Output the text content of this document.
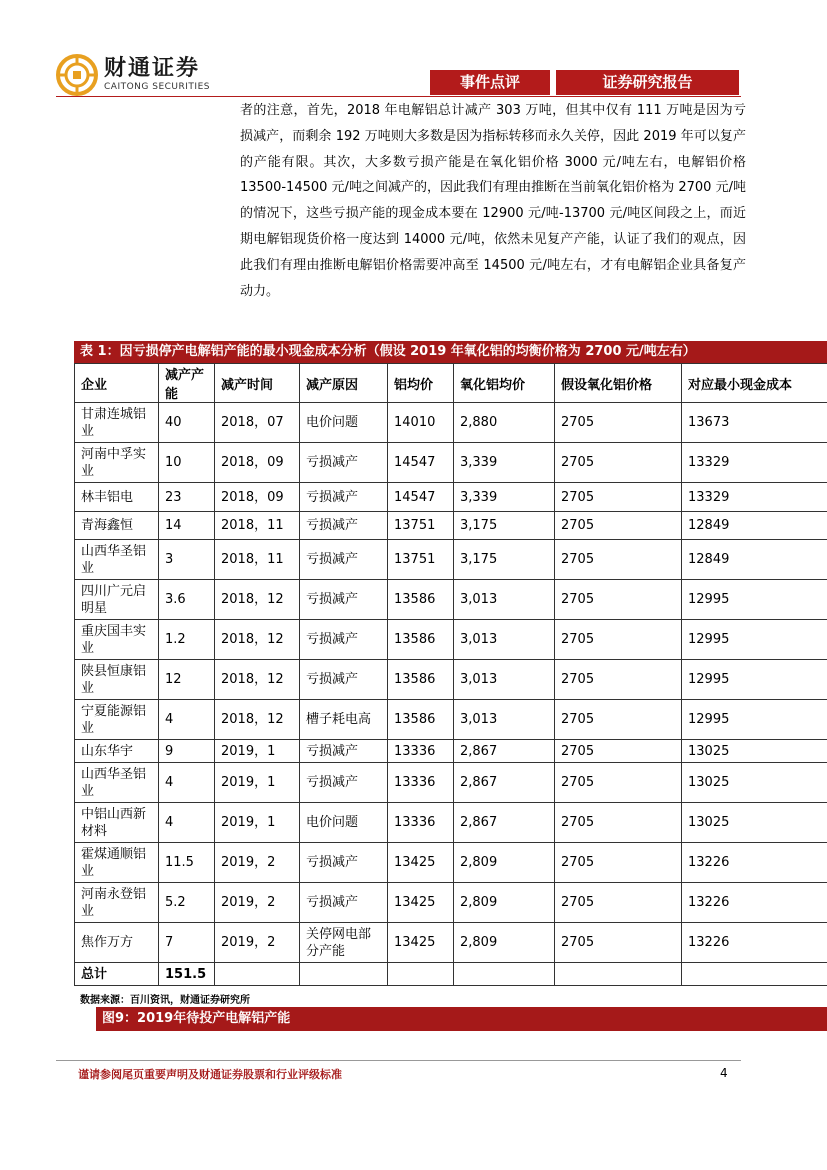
财通证券
CAITONG SECURITIES	事件点评	证券研究报告
者的注意，首先，2018 年电解铝总计减产 303 万吨，但其中仅有 111 万吨是因为亏损减产，而剩余 192 万吨则大多数是因为指标转移而永久关停，因此 2019 年可以复产的产能有限。其次，大多数亏损产能是在氧化铝价格 3000 元/吨左右，电解铝价格 13500-14500 元/吨之间减产的，因此我们有理由推断在当前氧化铝价格为 2700 元/吨的情况下，这些亏损产能的现金成本要在 12900 元/吨-13700 元/吨区间段之上，而近期电解铝现货价格一度达到 14000 元/吨，依然未见复产产能，认证了我们的观点，因此我们有理由推断电解铝价格需要冲高至 14500 元/吨左右，才有电解铝企业具备复产动力。
表 1：因亏损停产电解铝产能的最小现金成本分析（假设 2019 年氧化铝的均衡价格为 2700 元/吨左右）
企业	减产产能	减产时间	减产原因	铝均价	氧化铝均价	假设氧化铝价格	对应最小现金成本
甘肃连城铝业	40	2018，07	电价问题	14010	2,880	2705	13673
河南中孚实业	10	2018，09	亏损减产	14547	3,339	2705	13329
林丰铝电	23	2018，09	亏损减产	14547	3,339	2705	13329
青海鑫恒	14	2018，11	亏损减产	13751	3,175	2705	12849
山西华圣铝业	3	2018，11	亏损减产	13751	3,175	2705	12849
四川广元启明星	3.6	2018，12	亏损减产	13586	3,013	2705	12995
重庆国丰实业	1.2	2018，12	亏损减产	13586	3,013	2705	12995
陕县恒康铝业	12	2018，12	亏损减产	13586	3,013	2705	12995
宁夏能源铝业	4	2018，12	槽子耗电高	13586	3,013	2705	12995
山东华宇	9	2019，1	亏损减产	13336	2,867	2705	13025
山西华圣铝业	4	2019，1	亏损减产	13336	2,867	2705	13025
中铝山西新材料	4	2019，1	电价问题	13336	2,867	2705	13025
霍煤通顺铝业	11.5	2019，2	亏损减产	13425	2,809	2705	13226
河南永登铝业	5.2	2019，2	亏损减产	13425	2,809	2705	13226
焦作万方	7	2019，2	关停网电部分产能	13425	2,809	2705	13226
总计	151.5						
数据来源：百川资讯，财通证券研究所
图9：2019年待投产电解铝产能
谨请参阅尾页重要声明及财通证券股票和行业评级标准	4
